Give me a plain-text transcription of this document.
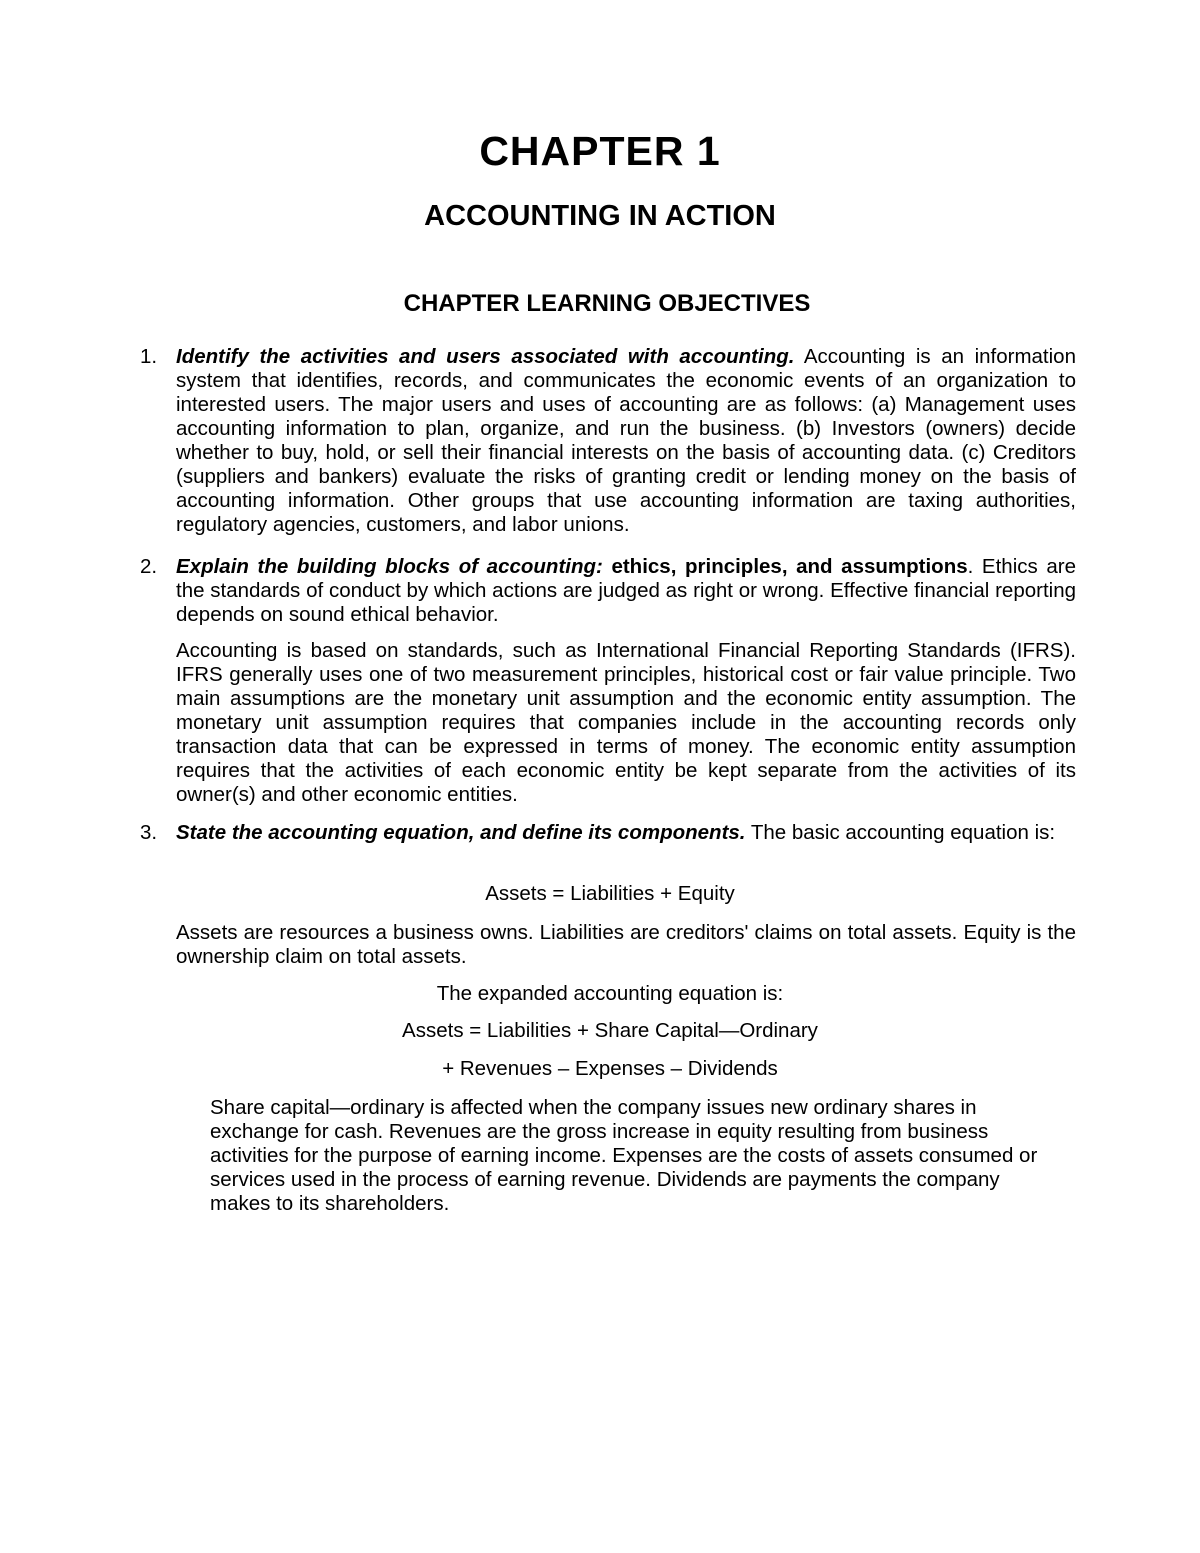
CHAPTER 1
ACCOUNTING IN ACTION
CHAPTER LEARNING OBJECTIVES
1. Identify the activities and users associated with accounting. Accounting is an information system that identifies, records, and communicates the economic events of an organization to interested users. The major users and uses of accounting are as follows: (a) Management uses accounting information to plan, organize, and run the business. (b) Investors (owners) decide whether to buy, hold, or sell their financial interests on the basis of accounting data. (c) Creditors (suppliers and bankers) evaluate the risks of granting credit or lending money on the basis of accounting information. Other groups that use accounting information are taxing authorities, regulatory agencies, customers, and labor unions.

2. Explain the building blocks of accounting: ethics, principles, and assumptions. Ethics are the standards of conduct by which actions are judged as right or wrong. Effective financial reporting depends on sound ethical behavior.

Accounting is based on standards, such as International Financial Reporting Standards (IFRS). IFRS generally uses one of two measurement principles, historical cost or fair value principle. Two main assumptions are the monetary unit assumption and the economic entity assumption. The monetary unit assumption requires that companies include in the accounting records only transaction data that can be expressed in terms of money. The economic entity assumption requires that the activities of each economic entity be kept separate from the activities of its owner(s) and other economic entities.

3. State the accounting equation, and define its components. The basic accounting equation is:

Assets = Liabilities + Equity

Assets are resources a business owns. Liabilities are creditors' claims on total assets. Equity is the ownership claim on total assets.

The expanded accounting equation is:
Assets = Liabilities + Share Capital—Ordinary
+ Revenues – Expenses – Dividends

Share capital—ordinary is affected when the company issues new ordinary shares in exchange for cash. Revenues are the gross increase in equity resulting from business activities for the purpose of earning income. Expenses are the costs of assets consumed or services used in the process of earning revenue. Dividends are payments the company makes to its shareholders.
